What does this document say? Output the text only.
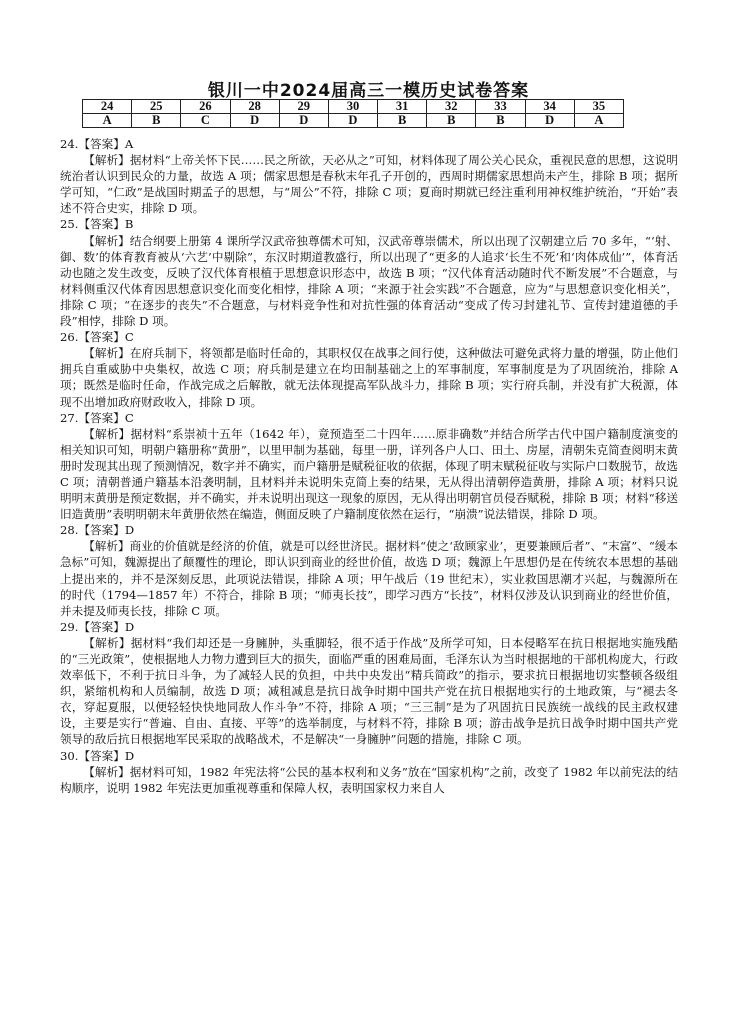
银川一中2024届高三一模历史试卷答案
24	25	26	28	29	30	31	32	33	34	35
A	B	C	D	D	D	B	B	B	D	A

24.【答案】A

【解析】据材料“上帝关怀下民……民之所欲，天必从之”可知，材料体现了周公关心民众，重视民意的思想，这说明统治者认识到民众的力量，故选 A 项；儒家思想是春秋末年孔子开创的，西周时期儒家思想尚未产生，排除 B 项；据所学可知，“仁政”是战国时期孟子的思想，与“周公”不符，排除 C 项；夏商时期就已经注重利用神权维护统治，“开始”表述不符合史实，排除 D 项。

25.【答案】B

【解析】结合纲要上册第 4 课所学汉武帝独尊儒术可知，汉武帝尊崇儒术，所以出现了汉朝建立后 70 多年，“‘射、御、数’的体育教育被从‘六艺’中剔除”，东汉时期道教盛行，所以出现了“更多的人追求‘长生不死’和‘肉体成仙’”，体育活动也随之发生改变，反映了汉代体育根植于思想意识形态中，故选 B 项；“汉代体育活动随时代不断发展”不合题意，与材料侧重汉代体育因思想意识变化而变化相悖，排除 A 项；“来源于社会实践”不合题意，应为“与思想意识变化相关”，排除 C 项；“在逐步的丧失”不合题意，与材料竞争性和对抗性强的体育活动“变成了传习封建礼节、宣传封建道德的手段”相悖，排除 D 项。

26.【答案】C

【解析】在府兵制下，将领都是临时任命的，其职权仅在战事之间行使，这种做法可避免武将力量的增强，防止他们拥兵自重威胁中央集权，故选 C 项；府兵制是建立在均田制基础之上的军事制度，军事制度是为了巩固统治，排除 A 项；既然是临时任命，作战完成之后解散，就无法体现提高军队战斗力，排除 B 项；实行府兵制，并没有扩大税源，体现不出增加政府财政收入，排除 D 项。

27.【答案】C

【解析】据材料“系崇祯十五年（1642 年），竟预造至二十四年……原非确数”并结合所学古代中国户籍制度演变的相关知识可知，明朝户籍册称“黄册”，以里甲制为基础，每里一册，详列各户人口、田土、房屋，清朝朱克简查阅明末黄册时发现其出现了预测情况，数字并不确实，而户籍册是赋税征收的依据，体现了明末赋税征收与实际户口数脱节，故选 C 项；清朝普通户籍基本沿袭明制，且材料并未说明朱克简上奏的结果，无从得出清朝停造黄册，排除 A 项；材料只说明明末黄册是预定数据，并不确实，并未说明出现这一现象的原因，无从得出明朝官员侵吞赋税，排除 B 项；材料“移送旧造黄册”表明明朝末年黄册依然在编造，侧面反映了户籍制度依然在运行，“崩溃”说法错误，排除 D 项。

28.【答案】D

【解析】商业的价值就是经济的价值，就是可以经世济民。据材料“使之‘敌顾家业’，更要兼顾后者”、“末富”、“缓本急标”可知，魏源提出了颠覆性的理论，即认识到商业的经世价值，故选 D 项；魏源上午思想仍是在传统农本思想的基础上提出来的，并不是深刻反思，此项说法错误，排除 A 项；甲午战后（19 世纪末），实业救国思潮才兴起，与魏源所在的时代（1794—1857 年）不符合，排除 B 项；“师夷长技”，即学习西方“长技”，材料仅涉及认识到商业的经世价值，并未提及师夷长技，排除 C 项。

29.【答案】D

【解析】据材料“我们却还是一身臃肿，头重脚轻，很不适于作战”及所学可知，日本侵略军在抗日根据地实施残酷的“三光政策”，使根据地人力物力遭到巨大的损失，面临严重的困难局面，毛泽东认为当时根据地的干部机构庞大，行政效率低下，不利于抗日斗争，为了减轻人民的负担，中共中央发出“精兵简政”的指示，要求抗日根据地切实整顿各级组织，紧缩机构和人员编制，故选 D 项；减租减息是抗日战争时期中国共产党在抗日根据地实行的土地政策，与“褪去冬衣，穿起夏服，以便轻轻快快地同敌人作斗争”不符，排除 A 项；“三三制”是为了巩固抗日民族统一战线的民主政权建设，主要是实行“普遍、自由、直接、平等”的选举制度，与材料不符，排除 B 项；游击战争是抗日战争时期中国共产党领导的敌后抗日根据地军民采取的战略战术，不是解决“一身臃肿”问题的措施，排除 C 项。

30.【答案】D

【解析】据材料可知，1982 年宪法将“公民的基本权利和义务”放在“国家机构”之前，改变了 1982 年以前宪法的结构顺序，说明 1982 年宪法更加重视尊重和保障人权，表明国家权力来自人
